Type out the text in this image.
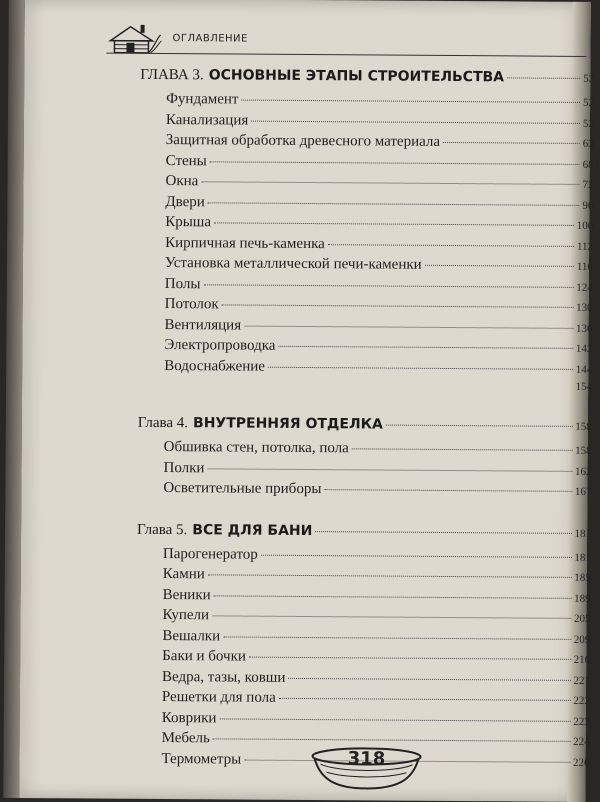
ОГЛАВЛЕНИЕ
ГЛАВА 3. ОСНОВНЫЕ ЭТАПЫ СТРОИТЕЛЬСТВА	52
Фундамент	52
Канализация	52
Защитная обработка древесного материала	63
Стены	68
Окна	72
Двери	90
Крыша	100
Кирпичная печь-каменка	112
Установка металлической печи-каменки	116
Полы	124
Потолок	130
Вентиляция	136
Электропроводка	142
Водоснабжение	144
154
Глава 4. ВНУТРЕННЯЯ ОТДЕЛКА	158
Обшивка стен, потолка, пола	158
Полки	162
Осветительные приборы	167
Глава 5. ВСЕ ДЛЯ БАНИ	181
Парогенератор	181
Камни	185
Веники	189
Купели	205
Вешалки	209
Баки и бочки	216
Ведра, тазы, ковши	221
Решетки для пола	222
Коврики	223
Мебель	224
Термометры	226
318
